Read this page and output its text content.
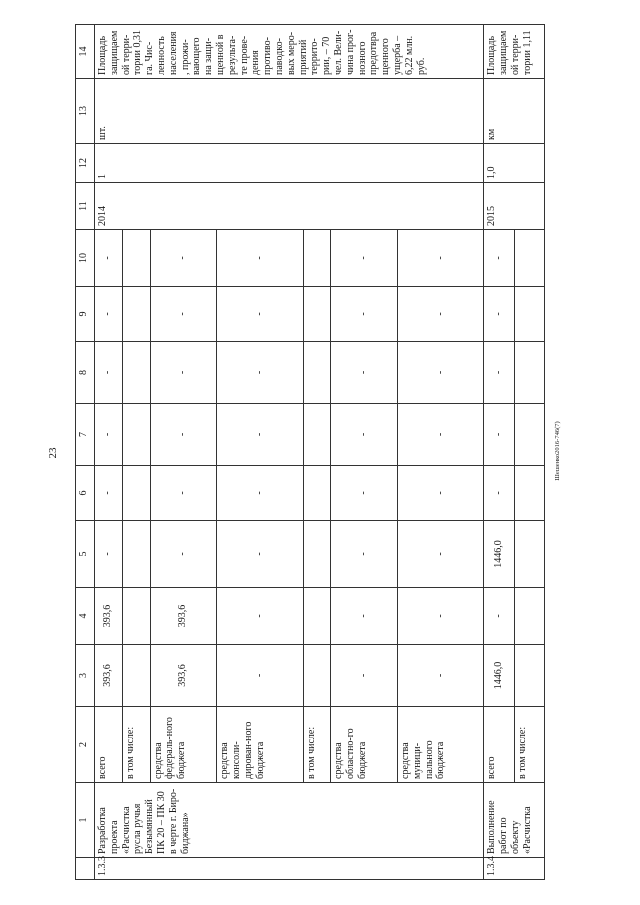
23	Шешенко2016-746(7)
	1	2	3	4	5	6	7	8	9	10	11	12	13	14
1.3.3	Разработка проекта «Расчистка русла ручья Безымянный ПК 20 – ПК 30 в черте г. Биро-биджана»	всего	393,6	393,6	-	-	-	-	-	-	2014	1	шт.	Площадь защищаем ой терри-тории 0,31 га. Чис-ленность населения , прожи-вающего на защи-щенной в результа-те прове-дения противо-паводко-вых меро-приятий террито-рии, – 70 чел. Вели-чина прог-нозного предотвра щенного ущерба – 6,22 млн. руб.
		в том числе:												
		средства федераль-ного бюджета	393,6	393,6	-	-	-	-	-	-				
		средства консоли-дирован-ного бюджета	-	-	-	-	-	-	-	-				
		в том числе:												
		средства областно-го бюджета	-	-	-	-	-	-	-	-				
		средства муници-пального бюджета	-	-	-	-	-	-	-	-				
1.3.4	Выполнение работ по объекту «Расчистка	всего	1446,0	-	1446,0	-	-	-	-	-	2015	1,0	км	Площадь защищаем ой терри-тории 1,11
		в том числе:												
